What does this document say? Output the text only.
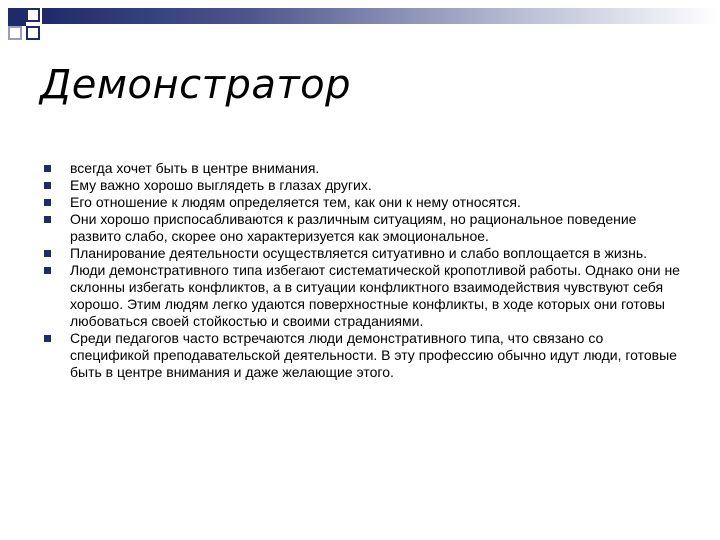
Демонстратор
всегда хочет быть в центре внимания.
Ему важно хорошо выглядеть в глазах других.
Его отношение к людям определяется тем, как они к нему относятся.
Они хорошо приспосабливаются к различным ситуациям, но рациональное поведение развито слабо, скорее оно характеризуется как эмоциональное.
Планирование деятельности осуществляется ситуативно и слабо воплощается в жизнь.
Люди демонстративного типа избегают систематической кропотливой работы. Однако они не склонны избегать конфликтов, а в ситуации конфликтного взаимодействия чувствуют себя хорошо. Этим людям легко удаются поверхностные конфликты, в ходе которых они готовы любоваться своей стойкостью и своими страданиями.
Среди педагогов часто встречаются люди демонстративного типа, что связано со спецификой преподавательской деятельности. В эту профессию обычно идут люди, готовые быть в центре внимания и даже желающие этого.
